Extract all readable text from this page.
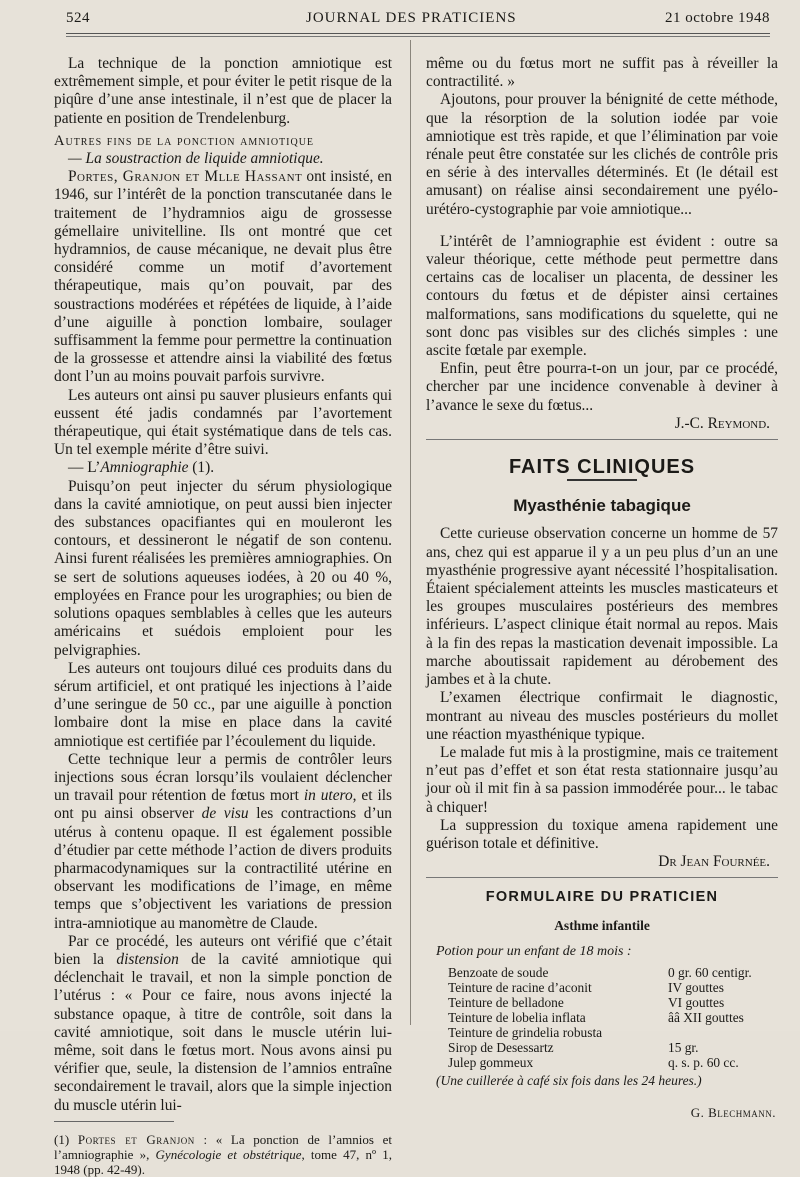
524	JOURNAL DES PRATICIENS	21 octobre 1948

La technique de la ponction amniotique est extrêmement simple, et pour éviter le petit risque de la piqûre d’une anse intestinale, il n’est que de placer la patiente en position de Trendelenburg.

Autres fins de la ponction amniotique
— La soustraction de liquide amniotique.

Portes, Granjon et Mlle Hassant ont insisté, en 1946, sur l’intérêt de la ponction transcutanée dans le traitement de l’hydramnios aigu de grossesse gémellaire univitelline. Ils ont montré que cet hydramnios, de cause mécanique, ne devait plus être considéré comme un motif d’avortement thérapeutique, mais qu’on pouvait, par des soustractions modérées et répétées de liquide, à l’aide d’une aiguille à ponction lombaire, soulager suffisamment la femme pour permettre la continuation de la grossesse et attendre ainsi la viabilité des fœtus dont l’un au moins pouvait parfois survivre.

Les auteurs ont ainsi pu sauver plusieurs enfants qui eussent été jadis condamnés par l’avortement thérapeutique, qui était systématique dans de tels cas. Un tel exemple mérite d’être suivi.

— L’Amniographie (1).

Puisqu’on peut injecter du sérum physiologique dans la cavité amniotique, on peut aussi bien injecter des substances opacifiantes qui en mouleront les contours, et dessineront le négatif de son contenu. Ainsi furent réalisées les premières amniographies. On se sert de solutions aqueuses iodées, à 20 ou 40 %, employées en France pour les urographies; ou bien de solutions opaques semblables à celles que les auteurs américains et suédois emploient pour les pelvigraphies.

Les auteurs ont toujours dilué ces produits dans du sérum artificiel, et ont pratiqué les injections à l’aide d’une seringue de 50 cc., par une aiguille à ponction lombaire dont la mise en place dans la cavité amniotique est certifiée par l’écoulement du liquide.

Cette technique leur a permis de contrôler leurs injections sous écran lorsqu’ils voulaient déclencher un travail pour rétention de fœtus mort in utero, et ils ont pu ainsi observer de visu les contractions d’un utérus à contenu opaque. Il est également possible d’étudier par cette méthode l’action de divers produits pharmacodynamiques sur la contractilité utérine en observant les modifications de l’image, en même temps que s’objectivent les variations de pression intra-amniotique au manomètre de Claude.

Par ce procédé, les auteurs ont vérifié que c’était bien la distension de la cavité amniotique qui déclenchait le travail, et non la simple ponction de l’utérus : « Pour ce faire, nous avons injecté la substance opaque, à titre de contrôle, soit dans la cavité amniotique, soit dans le muscle utérin lui-même, soit dans le fœtus mort. Nous avons ainsi pu vérifier que, seule, la distension de l’amnios entraîne secondairement le travail, alors que la simple injection du muscle utérin lui-

(1) Portes et Granjon : « La ponction de l’amnios et l’amniographie », Gynécologie et obstétrique, tome 47, nº 1, 1948 (pp. 42-49).

même ou du fœtus mort ne suffit pas à réveiller la contractilité. »

Ajoutons, pour prouver la bénignité de cette méthode, que la résorption de la solution iodée par voie amniotique est très rapide, et que l’élimination par voie rénale peut être constatée sur les clichés de contrôle pris en série à des intervalles déterminés. Et (le détail est amusant) on réalise ainsi secondairement une pyélo-urétéro-cystographie par voie amniotique...

L’intérêt de l’amniographie est évident : outre sa valeur théorique, cette méthode peut permettre dans certains cas de localiser un placenta, de dessiner les contours du fœtus et de dépister ainsi certaines malformations, sans modifications du squelette, qui ne sont donc pas visibles sur des clichés simples : une ascite fœtale par exemple.

Enfin, peut être pourra-t-on un jour, par ce procédé, chercher par une incidence convenable à deviner à l’avance le sexe du fœtus...

J.-C. Reymond.
FAITS CLINIQUES
Myasthénie tabagique

Cette curieuse observation concerne un homme de 57 ans, chez qui est apparue il y a un peu plus d’un an une myasthénie progressive ayant nécessité l’hospitalisation. Étaient spécialement atteints les muscles masticateurs et les groupes musculaires postérieurs des membres inférieurs. L’aspect clinique était normal au repos. Mais à la fin des repas la mastication devenait impossible. La marche aboutissait rapidement au dérobement des jambes et à la chute.

L’examen électrique confirmait le diagnostic, montrant au niveau des muscles postérieurs du mollet une réaction myasthénique typique.

Le malade fut mis à la prostigmine, mais ce traitement n’eut pas d’effet et son état resta stationnaire jusqu’au jour où il mit fin à sa passion immodérée pour... le tabac à chiquer!

La suppression du toxique amena rapidement une guérison totale et définitive.

Dr Jean Fournée.
FORMULAIRE DU PRATICIEN
Asthme infantile
Potion pour un enfant de 18 mois :
Benzoate de soude	0 gr. 60 centigr.
Teinture de racine d’aconit	IV gouttes
Teinture de belladone	VI gouttes
Teinture de lobelia inflata	ââ XII gouttes
Teinture de grindelia robusta	
Sirop de Desessartz	15 gr.
Julep gommeux	q. s. p. 60 cc.
(Une cuillerée à café six fois dans les 24 heures.)
G. Blechmann.
